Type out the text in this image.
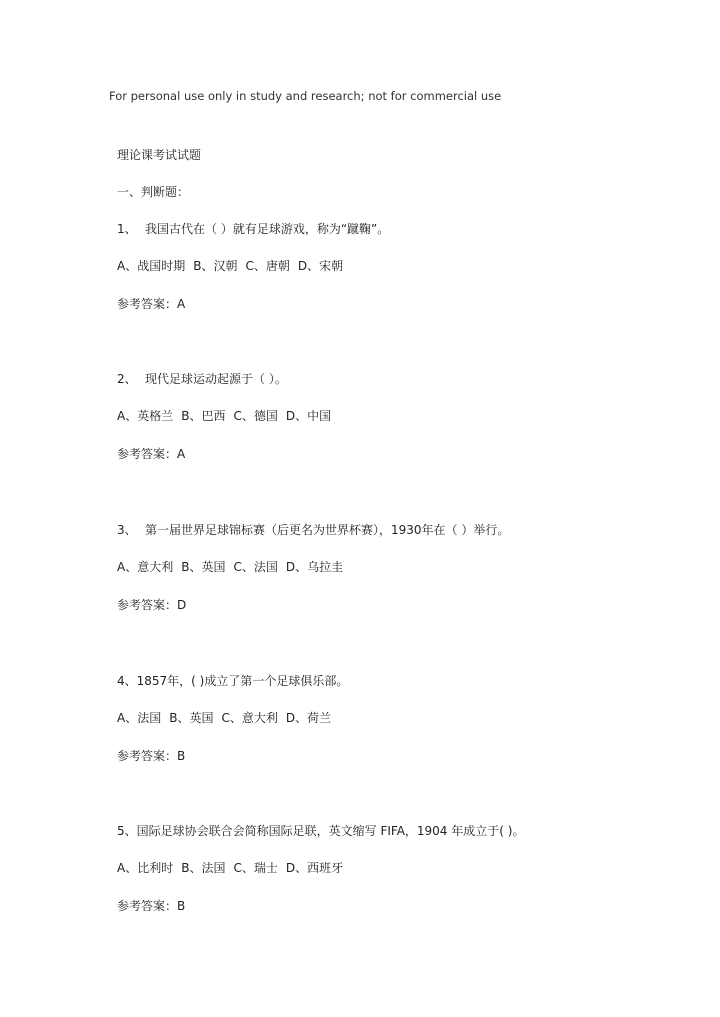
For personal use only in study and research; not for commercial use
理论课考试试题
一、判断题：
1、 我国古代在（ ）就有足球游戏，称为“蹴鞠”。
A、战国时期 B、汉朝 C、唐朝 D、宋朝
参考答案：A
2、 现代足球运动起源于（ ）。
A、英格兰 B、巴西 C、德国 D、中国
参考答案：A
3、 第一届世界足球锦标赛（后更名为世界杯赛），1930年在（ ）举行。
A、意大利 B、英国 C、法国 D、乌拉圭
参考答案：D
4、1857年，( )成立了第一个足球俱乐部。
A、法国 B、英国 C、意大利 D、荷兰
参考答案：B
5、国际足球协会联合会简称国际足联，英文缩写 FIFA，1904 年成立于( )。
A、比利时 B、法国 C、瑞士 D、西班牙
参考答案：B
